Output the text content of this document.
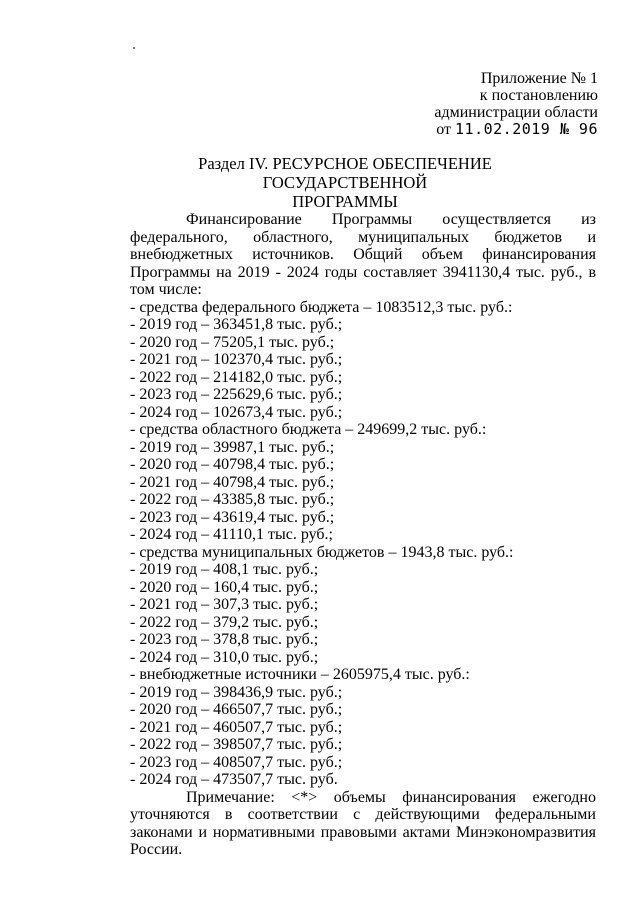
Приложение № 1
к постановлению
администрации области
от 11.02.2019 № 96
Раздел IV. РЕСУРСНОЕ ОБЕСПЕЧЕНИЕ ГОСУДАРСТВЕННОЙ
ПРОГРАММЫ

Финансирование Программы осуществляется из федерального, областного, муниципальных бюджетов и внебюджетных источников. Общий объем финансирования Программы на 2019 - 2024 годы составляет 3941130,4 тыс. руб., в том числе:

- средства федерального бюджета – 1083512,3 тыс. руб.:
- 2019 год – 363451,8 тыс. руб.;
- 2020 год – 75205,1 тыс. руб.;
- 2021 год – 102370,4 тыс. руб.;
- 2022 год – 214182,0 тыс. руб.;
- 2023 год – 225629,6 тыс. руб.;
- 2024 год – 102673,4 тыс. руб.;
- средства областного бюджета – 249699,2 тыс. руб.:
- 2019 год – 39987,1 тыс. руб.;
- 2020 год – 40798,4 тыс. руб.;
- 2021 год – 40798,4 тыс. руб.;
- 2022 год – 43385,8 тыс. руб.;
- 2023 год – 43619,4 тыс. руб.;
- 2024 год – 41110,1 тыс. руб.;
- средства муниципальных бюджетов – 1943,8 тыс. руб.:
- 2019 год – 408,1 тыс. руб.;
- 2020 год – 160,4 тыс. руб.;
- 2021 год – 307,3 тыс. руб.;
- 2022 год – 379,2 тыс. руб.;
- 2023 год – 378,8 тыс. руб.;
- 2024 год – 310,0 тыс. руб.;
- внебюджетные источники – 2605975,4 тыс. руб.:
- 2019 год – 398436,9 тыс. руб.;
- 2020 год – 466507,7 тыс. руб.;
- 2021 год – 460507,7 тыс. руб.;
- 2022 год – 398507,7 тыс. руб.;
- 2023 год – 408507,7 тыс. руб.;
- 2024 год – 473507,7 тыс. руб.

Примечание: <*> объемы финансирования ежегодно уточняются в соответствии с действующими федеральными законами и нормативными правовыми актами Минэкономразвития России.
